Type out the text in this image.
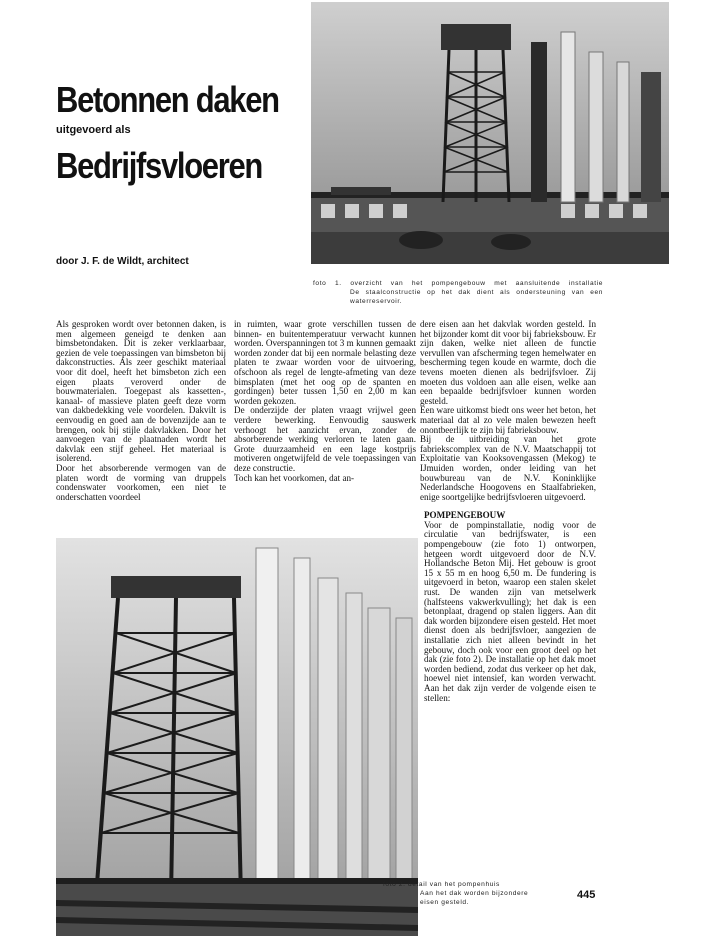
Betonnen daken
uitgevoerd als
Bedrijfsvloeren
door J. F. de Wildt, architect
foto 1. overzicht van het pompengebouw met aansluitende installatie
De staalconstructie op het dak dient als ondersteuning van een
waterreservoir.

Als gesproken wordt over betonnen daken, is men algemeen geneigd te denken aan bimsbetondaken. Dit is zeker verklaarbaar, gezien de vele toepassingen van bimsbeton bij dakconstructies. Als zeer geschikt materiaal voor dit doel, heeft het bimsbeton zich een eigen plaats veroverd onder de bouwmaterialen. Toegepast als kassetten-, kanaal- of massieve platen geeft deze vorm van dakbedekking vele voordelen. Dakvilt is eenvoudig en goed aan de bovenzijde aan te brengen, ook bij stijle dakvlakken. Door het aanvoegen van de plaatnaden wordt het dakvlak een stijf geheel. Het materiaal is isolerend.

Door het absorberende vermogen van de platen wordt de vorming van druppels condenswater voorkomen, een niet te onderschatten voordeel

in ruimten, waar grote verschillen tussen de binnen- en buitentemperatuur verwacht kunnen worden. Overspanningen tot 3 m kunnen gemaakt worden zonder dat bij een normale belasting deze platen te zwaar worden voor de uitvoering, ofschoon als regel de lengte-afmeting van deze bimsplaten (met het oog op de spanten en gordingen) beter tussen 1,50 en 2,00 m kan worden gekozen.

De onderzijde der platen vraagt vrijwel geen verdere bewerking. Eenvoudig sauswerk verhoogt het aanzicht ervan, zonder de absorberende werking verloren te laten gaan. Grote duurzaamheid en een lage kostprijs motiveren ongetwijfeld de vele toepassingen van deze constructie.

Toch kan het voorkomen, dat an-

dere eisen aan het dakvlak worden gesteld. In het bijzonder komt dit voor bij fabrieksbouw. Er zijn daken, welke niet alleen de functie vervullen van afscherming tegen hemelwater en bescherming tegen koude en warmte, doch die tevens moeten dienen als bedrijfsvloer. Zij moeten dus voldoen aan alle eisen, welke aan een bepaalde bedrijfsvloer kunnen worden gesteld.

Een ware uitkomst biedt ons weer het beton, het materiaal dat al zo vele malen bewezen heeft onontbeerlijk te zijn bij fabrieksbouw.

Bij de uitbreiding van het grote fabriekscomplex van de N.V. Maatschappij tot Exploitatie van Kooksovengassen (Mekog) te IJmuiden worden, onder leiding van het bouwbureau van de N.V. Koninklijke Nederlandsche Hoogovens en Staalfabrieken, enige soortgelijke bedrijfsvloeren uitgevoerd.

POMPENGEBOUW

Voor de pompinstallatie, nodig voor de circulatie van bedrijfswater, is een pompengebouw (zie foto 1) ontworpen, hetgeen wordt uitgevoerd door de N.V. Hollandsche Beton Mij. Het gebouw is groot 15 x 55 m en hoog 6,50 m. De fundering is uitgevoerd in beton, waarop een stalen skelet rust. De wanden zijn van metselwerk (halfsteens vakwerkvulling); het dak is een betonplaat, dragend op stalen liggers. Aan dit dak worden bijzondere eisen gesteld. Het moet dienst doen als bedrijfsvloer, aangezien de installatie zich niet alleen bevindt in het gebouw, doch ook voor een groot deel op het dak (zie foto 2). De installatie op het dak moet worden bediend, zodat dus verkeer op het dak, hoewel niet intensief, kan worden verwacht. Aan het dak zijn verder de volgende eisen te stellen:

foto 2. detail van het pompenhuis
Aan het dak worden bijzondere
eisen gesteld.
445
